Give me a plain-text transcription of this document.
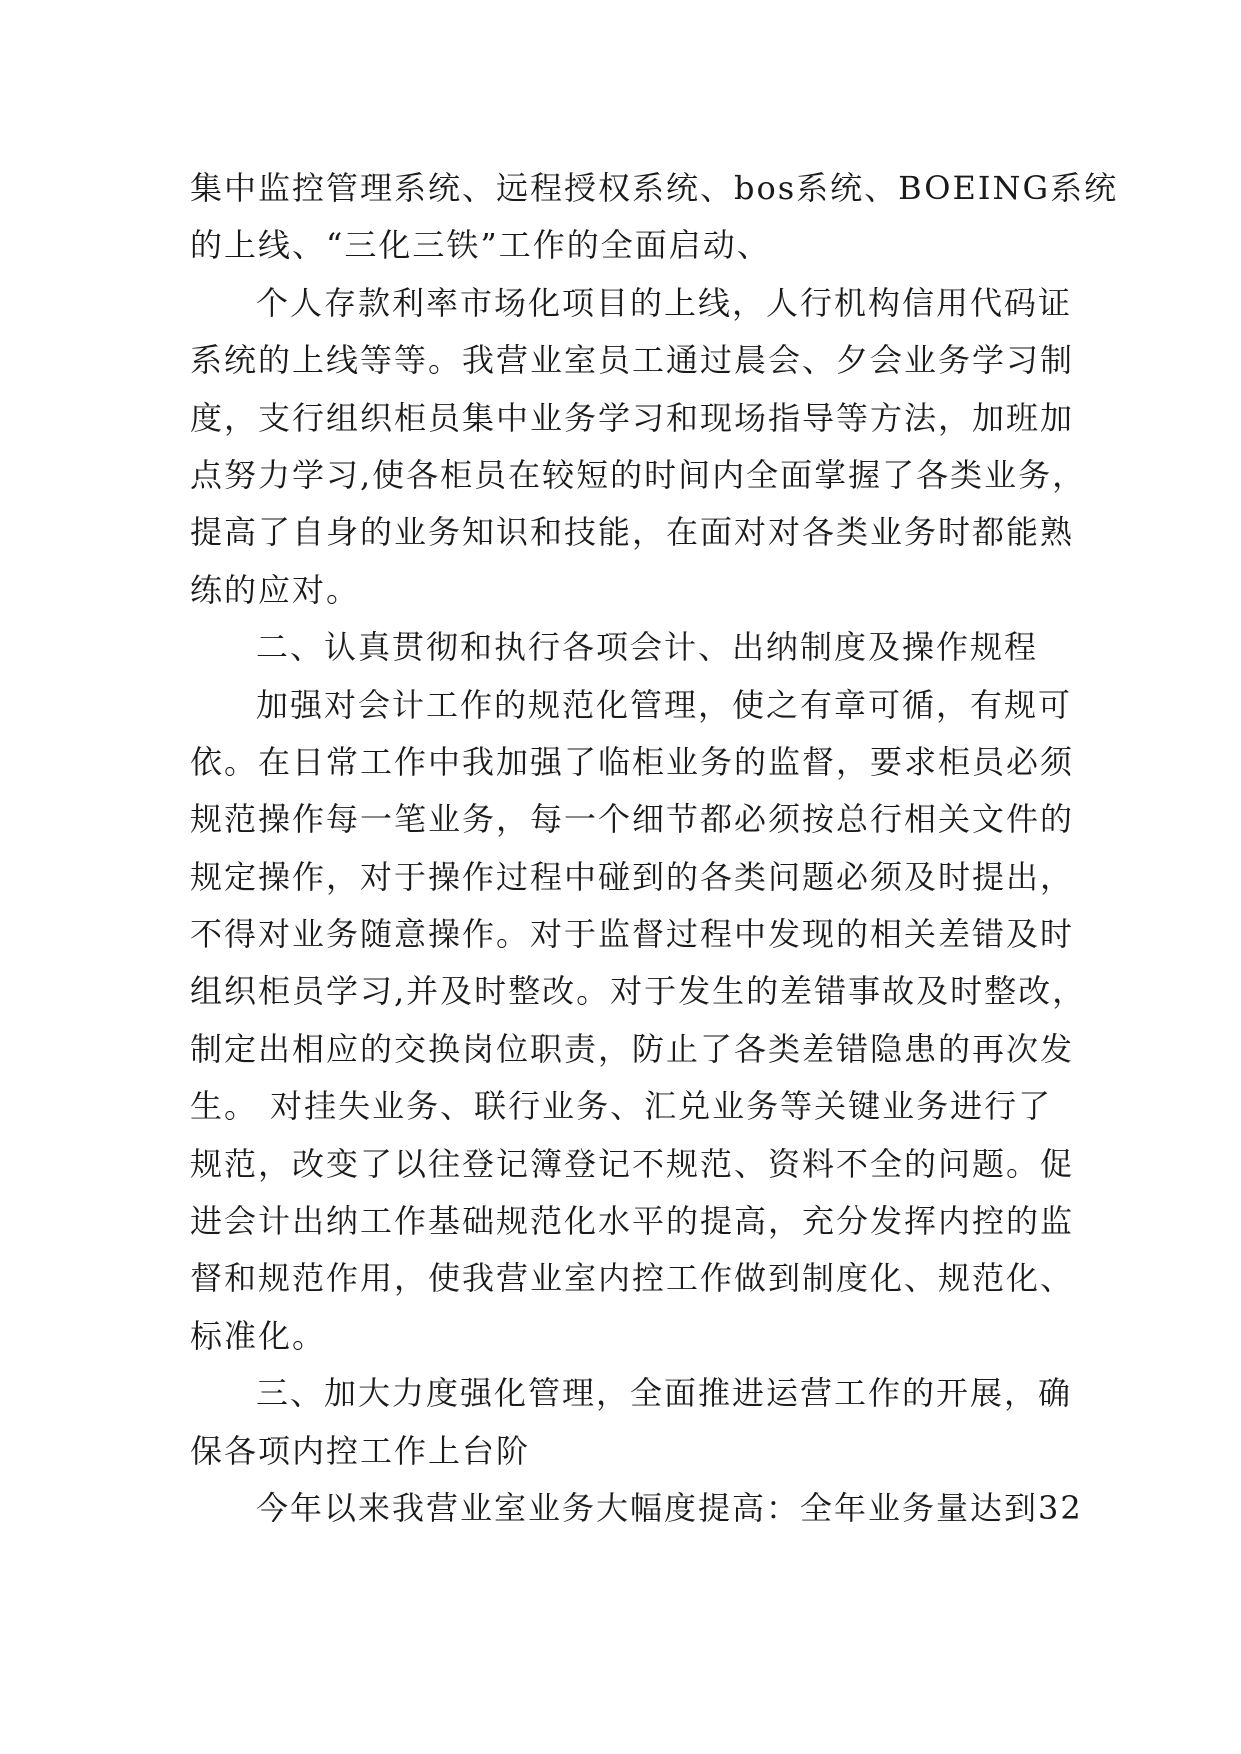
集中监控管理系统、远程授权系统、bos系统、BOEING系统
的上线、“三化三铁”工作的全面启动、
个人存款利率市场化项目的上线，人行机构信用代码证
系统的上线等等。我营业室员工通过晨会、夕会业务学习制
度，支行组织柜员集中业务学习和现场指导等方法，加班加
点努力学习,使各柜员在较短的时间内全面掌握了各类业务，
提高了自身的业务知识和技能，在面对对各类业务时都能熟
练的应对。
二、认真贯彻和执行各项会计、出纳制度及操作规程
加强对会计工作的规范化管理，使之有章可循，有规可
依。在日常工作中我加强了临柜业务的监督，要求柜员必须
规范操作每一笔业务，每一个细节都必须按总行相关文件的
规定操作，对于操作过程中碰到的各类问题必须及时提出，
不得对业务随意操作。对于监督过程中发现的相关差错及时
组织柜员学习,并及时整改。对于发生的差错事故及时整改，
制定出相应的交换岗位职责，防止了各类差错隐患的再次发
生。 对挂失业务、联行业务、汇兑业务等关键业务进行了
规范，改变了以往登记簿登记不规范、资料不全的问题。促
进会计出纳工作基础规范化水平的提高，充分发挥内控的监
督和规范作用，使我营业室内控工作做到制度化、规范化、
标准化。
三、加大力度强化管理，全面推进运营工作的开展，确
保各项内控工作上台阶
今年以来我营业室业务大幅度提高：全年业务量达到32
